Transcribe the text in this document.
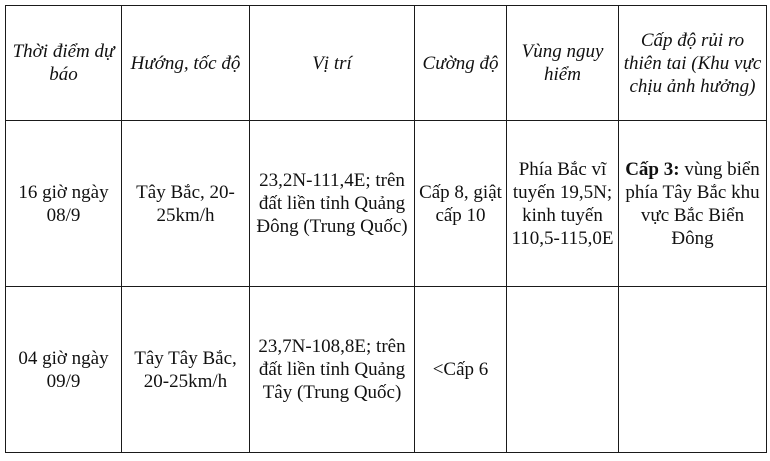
Thời điểm dự báo	Hướng, tốc độ	Vị trí	Cường độ	Vùng nguy hiểm	Cấp độ rủi ro thiên tai (Khu vực chịu ảnh hưởng)
16 giờ ngày 08/9	Tây Bắc, 20-25km/h	23,2N-111,4E; trên đất liền tỉnh Quảng Đông (Trung Quốc)	Cấp 8, giật cấp 10	Phía Bắc vĩ tuyến 19,5N; kinh tuyến 110,5-115,0E	Cấp 3: vùng biển phía Tây Bắc khu vực Bắc Biển Đông
04 giờ ngày 09/9	Tây Tây Bắc, 20-25km/h	23,7N-108,8E; trên đất liền tỉnh Quảng Tây (Trung Quốc)	<Cấp 6		
